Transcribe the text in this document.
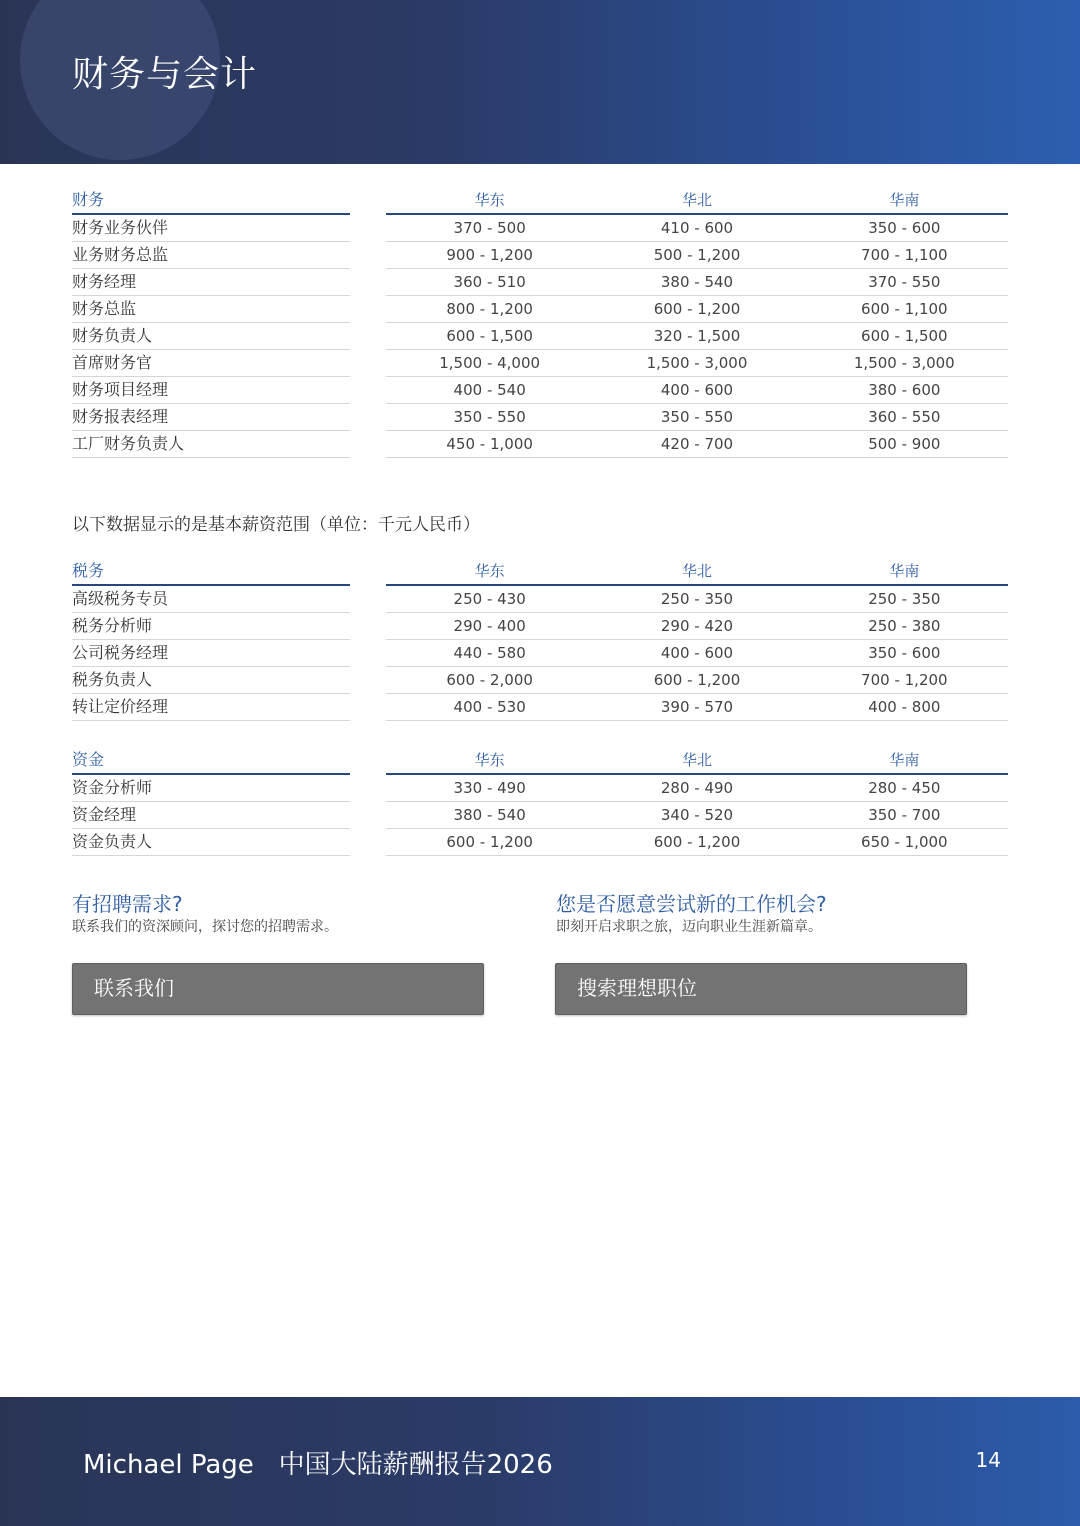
财务与会计
财务	华东	华北	华南
财务业务伙伴	370 - 500	410 - 600	350 - 600
业务财务总监	900 - 1,200	500 - 1,200	700 - 1,100
财务经理	360 - 510	380 - 540	370 - 550
财务总监	800 - 1,200	600 - 1,200	600 - 1,100
财务负责人	600 - 1,500	320 - 1,500	600 - 1,500
首席财务官	1,500 - 4,000	1,500 - 3,000	1,500 - 3,000
财务项目经理	400 - 540	400 - 600	380 - 600
财务报表经理	350 - 550	350 - 550	360 - 550
工厂财务负责人	450 - 1,000	420 - 700	500 - 900
以下数据显示的是基本薪资范围（单位：千元人民币）
税务	华东	华北	华南
高级税务专员	250 - 430	250 - 350	250 - 350
税务分析师	290 - 400	290 - 420	250 - 380
公司税务经理	440 - 580	400 - 600	350 - 600
税务负责人	600 - 2,000	600 - 1,200	700 - 1,200
转让定价经理	400 - 530	390 - 570	400 - 800
资金	华东	华北	华南
资金分析师	330 - 490	280 - 490	280 - 450
资金经理	380 - 540	340 - 520	350 - 700
资金负责人	600 - 1,200	600 - 1,200	650 - 1,000
有招聘需求?
联系我们的资深顾问，探讨您的招聘需求。
您是否愿意尝试新的工作机会?
即刻开启求职之旅，迈向职业生涯新篇章。
联系我们	搜索理想职位
Michael Page   中国大陆薪酬报告2026	14
